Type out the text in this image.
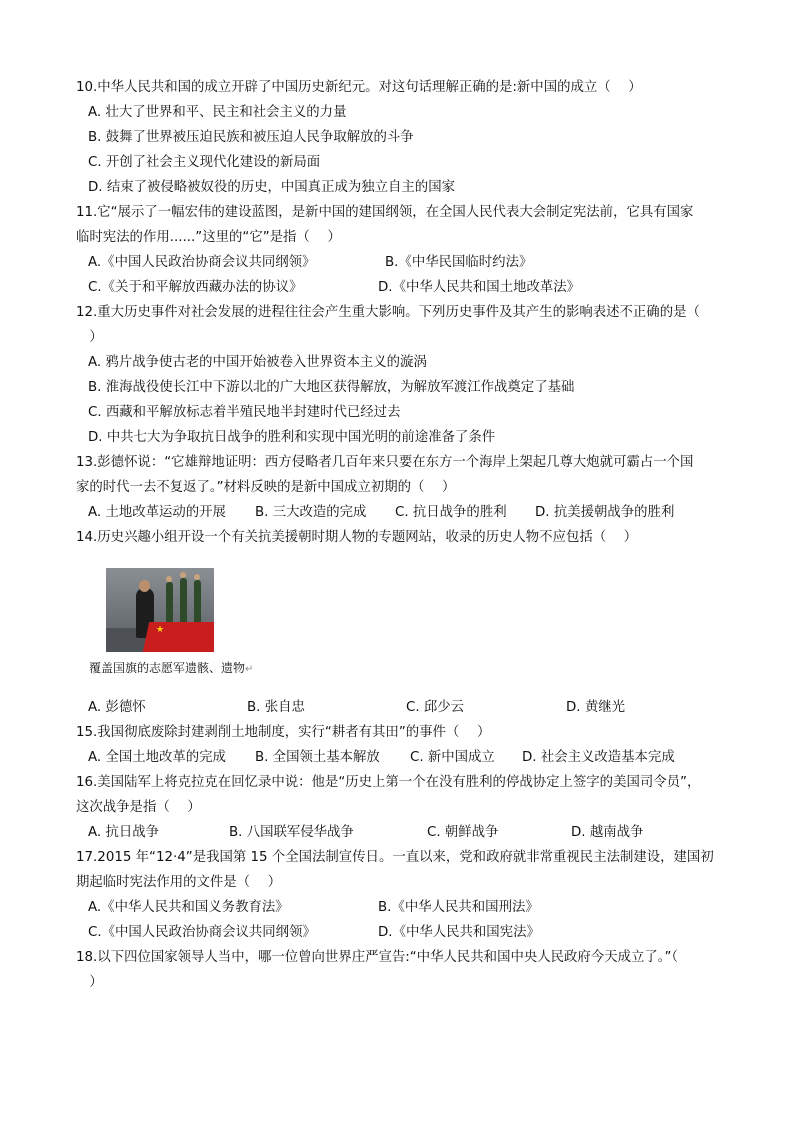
10.中华人民共和国的成立开辟了中国历史新纪元。对这句话理解正确的是:新中国的成立（　 ）
A. 壮大了世界和平、民主和社会主义的力量
B. 鼓舞了世界被压迫民族和被压迫人民争取解放的斗争
C. 开创了社会主义现代化建设的新局面
D. 结束了被侵略被奴役的历史，中国真正成为独立自主的国家
11.它“展示了一幅宏伟的建设蓝图，是新中国的建国纲领，在全国人民代表大会制定宪法前，它具有国家
临时宪法的作用......”这里的“它”是指（　 ）
A.《中国人民政治协商会议共同纲领》	B.《中华民国临时约法》
C.《关于和平解放西藏办法的协议》	D.《中华人民共和国土地改革法》
12.重大历史事件对社会发展的进程往往会产生重大影响。下列历史事件及其产生的影响表述不正确的是（
　）
A. 鸦片战争使古老的中国开始被卷入世界资本主义的漩涡
B. 淮海战役使长江中下游以北的广大地区获得解放，为解放军渡江作战奠定了基础
C. 西藏和平解放标志着半殖民地半封建时代已经过去
D. 中共七大为争取抗日战争的胜利和实现中国光明的前途准备了条件
13.彭德怀说：“它雄辩地证明：西方侵略者几百年来只要在东方一个海岸上架起几尊大炮就可霸占一个国
家的时代一去不复返了。”材料反映的是新中国成立初期的（　 ）
A. 土地改革运动的开展 B. 三大改造的完成 C. 抗日战争的胜利 D. 抗美援朝战争的胜利
14.历史兴趣小组开设一个有关抗美援朝时期人物的专题网站，收录的历史人物不应包括（　 ）
★
覆盖国旗的志愿军遗骸、遗物↵
A. 彭德怀	B. 张自忠	C. 邱少云	D. 黄继光
15.我国彻底废除封建剥削土地制度，实行“耕者有其田”的事件（　 ）
A. 全国土地改革的完成 B. 全国领土基本解放 C. 新中国成立 D. 社会主义改造基本完成
16.美国陆军上将克拉克在回忆录中说：他是“历史上第一个在没有胜利的停战协定上签字的美国司令员”，
这次战争是指（　 ）
A. 抗日战争	B. 八国联军侵华战争	C. 朝鲜战争	D. 越南战争
17.2015 年“12·4”是我国第 15 个全国法制宣传日。一直以来，党和政府就非常重视民主法制建设，建国初
期起临时宪法作用的文件是（　 ）
A.《中华人民共和国义务教育法》	B.《中华人民共和国刑法》
C.《中国人民政治协商会议共同纲领》	D.《中华人民共和国宪法》
18.以下四位国家领导人当中，哪一位曾向世界庄严宣告:“中华人民共和国中央人民政府今天成立了。”（
　）
